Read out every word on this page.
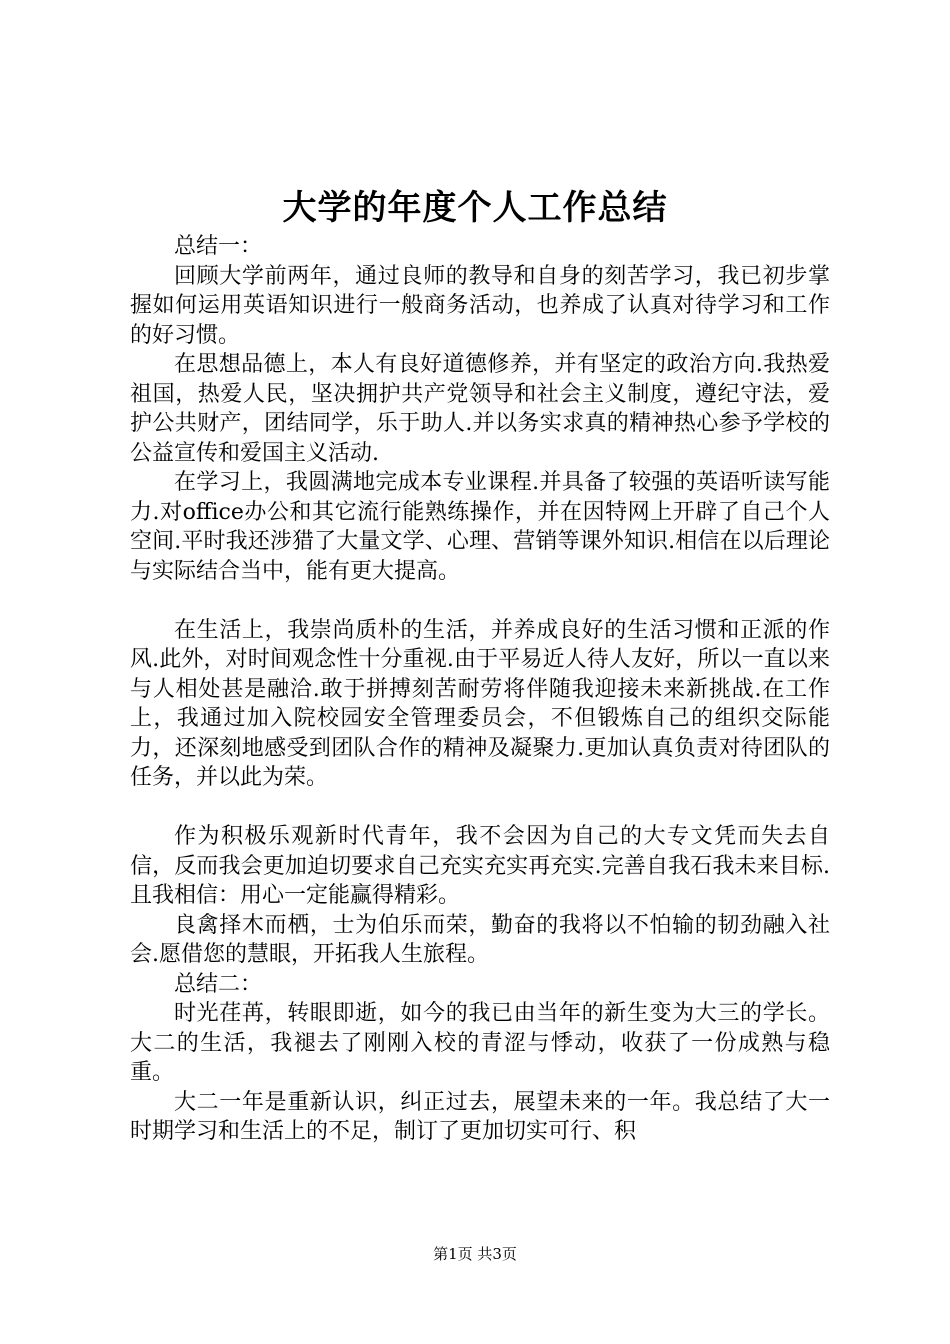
大学的年度个人工作总结

总结一：

回顾大学前两年，通过良师的教导和自身的刻苦学习，我已初步掌握如何运用英语知识进行一般商务活动，也养成了认真对待学习和工作的好习惯。

在思想品德上，本人有良好道德修养，并有坚定的政治方向.我热爱祖国，热爱人民，坚决拥护共产党领导和社会主义制度，遵纪守法，爱护公共财产，团结同学，乐于助人.并以务实求真的精神热心参予学校的公益宣传和爱国主义活动.

在学习上，我圆满地完成本专业课程.并具备了较强的英语听读写能力.对office办公和其它流行能熟练操作，并在因特网上开辟了自己个人空间.平时我还涉猎了大量文学、心理、营销等课外知识.相信在以后理论与实际结合当中，能有更大提高。

在生活上，我崇尚质朴的生活，并养成良好的生活习惯和正派的作风.此外，对时间观念性十分重视.由于平易近人待人友好，所以一直以来与人相处甚是融洽.敢于拼搏刻苦耐劳将伴随我迎接未来新挑战.在工作上，我通过加入院校园安全管理委员会，不但锻炼自己的组织交际能力，还深刻地感受到团队合作的精神及凝聚力.更加认真负责对待团队的任务，并以此为荣。

作为积极乐观新时代青年，我不会因为自己的大专文凭而失去自信，反而我会更加迫切要求自己充实充实再充实.完善自我石我未来目标.且我相信：用心一定能赢得精彩。

良禽择木而栖，士为伯乐而荣，勤奋的我将以不怕输的韧劲融入社会.愿借您的慧眼，开拓我人生旅程。

总结二：

时光荏苒，转眼即逝，如今的我已由当年的新生变为大三的学长。大二的生活，我褪去了刚刚入校的青涩与悸动，收获了一份成熟与稳重。

大二一年是重新认识，纠正过去，展望未来的一年。我总结了大一时期学习和生活上的不足，制订了更加切实可行、积

第1页 共3页
